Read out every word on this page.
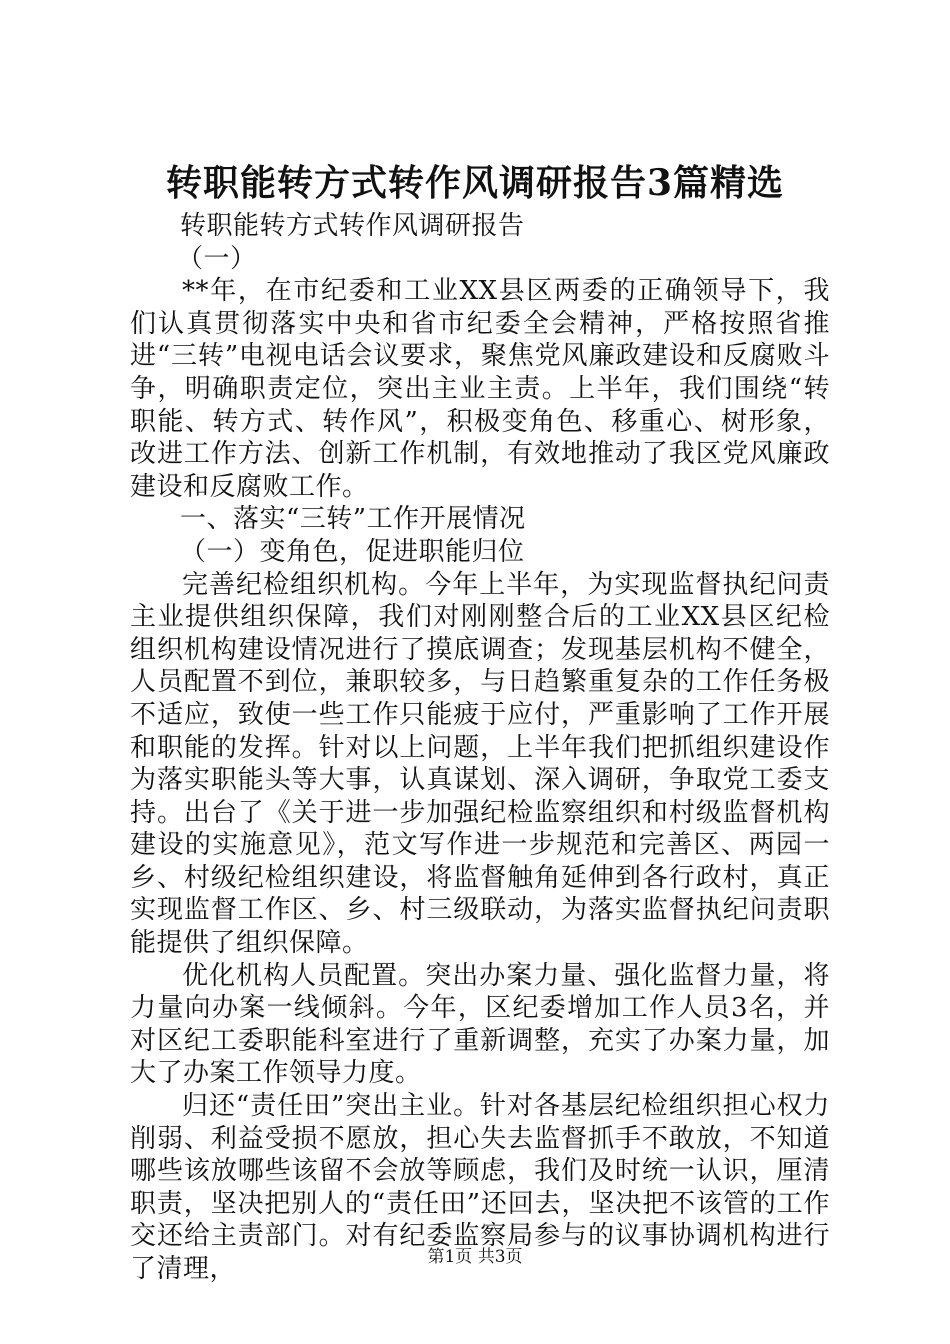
转职能转方式转作风调研报告3篇精选

转职能转方式转作风调研报告

（一）

**年，在市纪委和工业XX县区两委的正确领导下，我们认真贯彻落实中央和省市纪委全会精神，严格按照省推进“三转”电视电话会议要求，聚焦党风廉政建设和反腐败斗争，明确职责定位，突出主业主责。上半年，我们围绕“转职能、转方式、转作风”，积极变角色、移重心、树形象，改进工作方法、创新工作机制，有效地推动了我区党风廉政建设和反腐败工作。

一、落实“三转”工作开展情况

（一）变角色，促进职能归位

完善纪检组织机构。今年上半年，为实现监督执纪问责主业提供组织保障，我们对刚刚整合后的工业XX县区纪检组织机构建设情况进行了摸底调查；发现基层机构不健全，人员配置不到位，兼职较多，与日趋繁重复杂的工作任务极不适应，致使一些工作只能疲于应付，严重影响了工作开展和职能的发挥。针对以上问题，上半年我们把抓组织建设作为落实职能头等大事，认真谋划、深入调研，争取党工委支持。出台了《关于进一步加强纪检监察组织和村级监督机构建设的实施意见》，范文写作进一步规范和完善区、两园一乡、村级纪检组织建设，将监督触角延伸到各行政村，真正实现监督工作区、乡、村三级联动，为落实监督执纪问责职能提供了组织保障。

优化机构人员配置。突出办案力量、强化监督力量，将力量向办案一线倾斜。今年，区纪委增加工作人员3名，并对区纪工委职能科室进行了重新调整，充实了办案力量，加大了办案工作领导力度。

归还“责任田”突出主业。针对各基层纪检组织担心权力削弱、利益受损不愿放，担心失去监督抓手不敢放，不知道哪些该放哪些该留不会放等顾虑，我们及时统一认识，厘清职责，坚决把别人的“责任田”还回去，坚决把不该管的工作交还给主责部门。对有纪委监察局参与的议事协调机构进行了清理，	第1页 共3页
